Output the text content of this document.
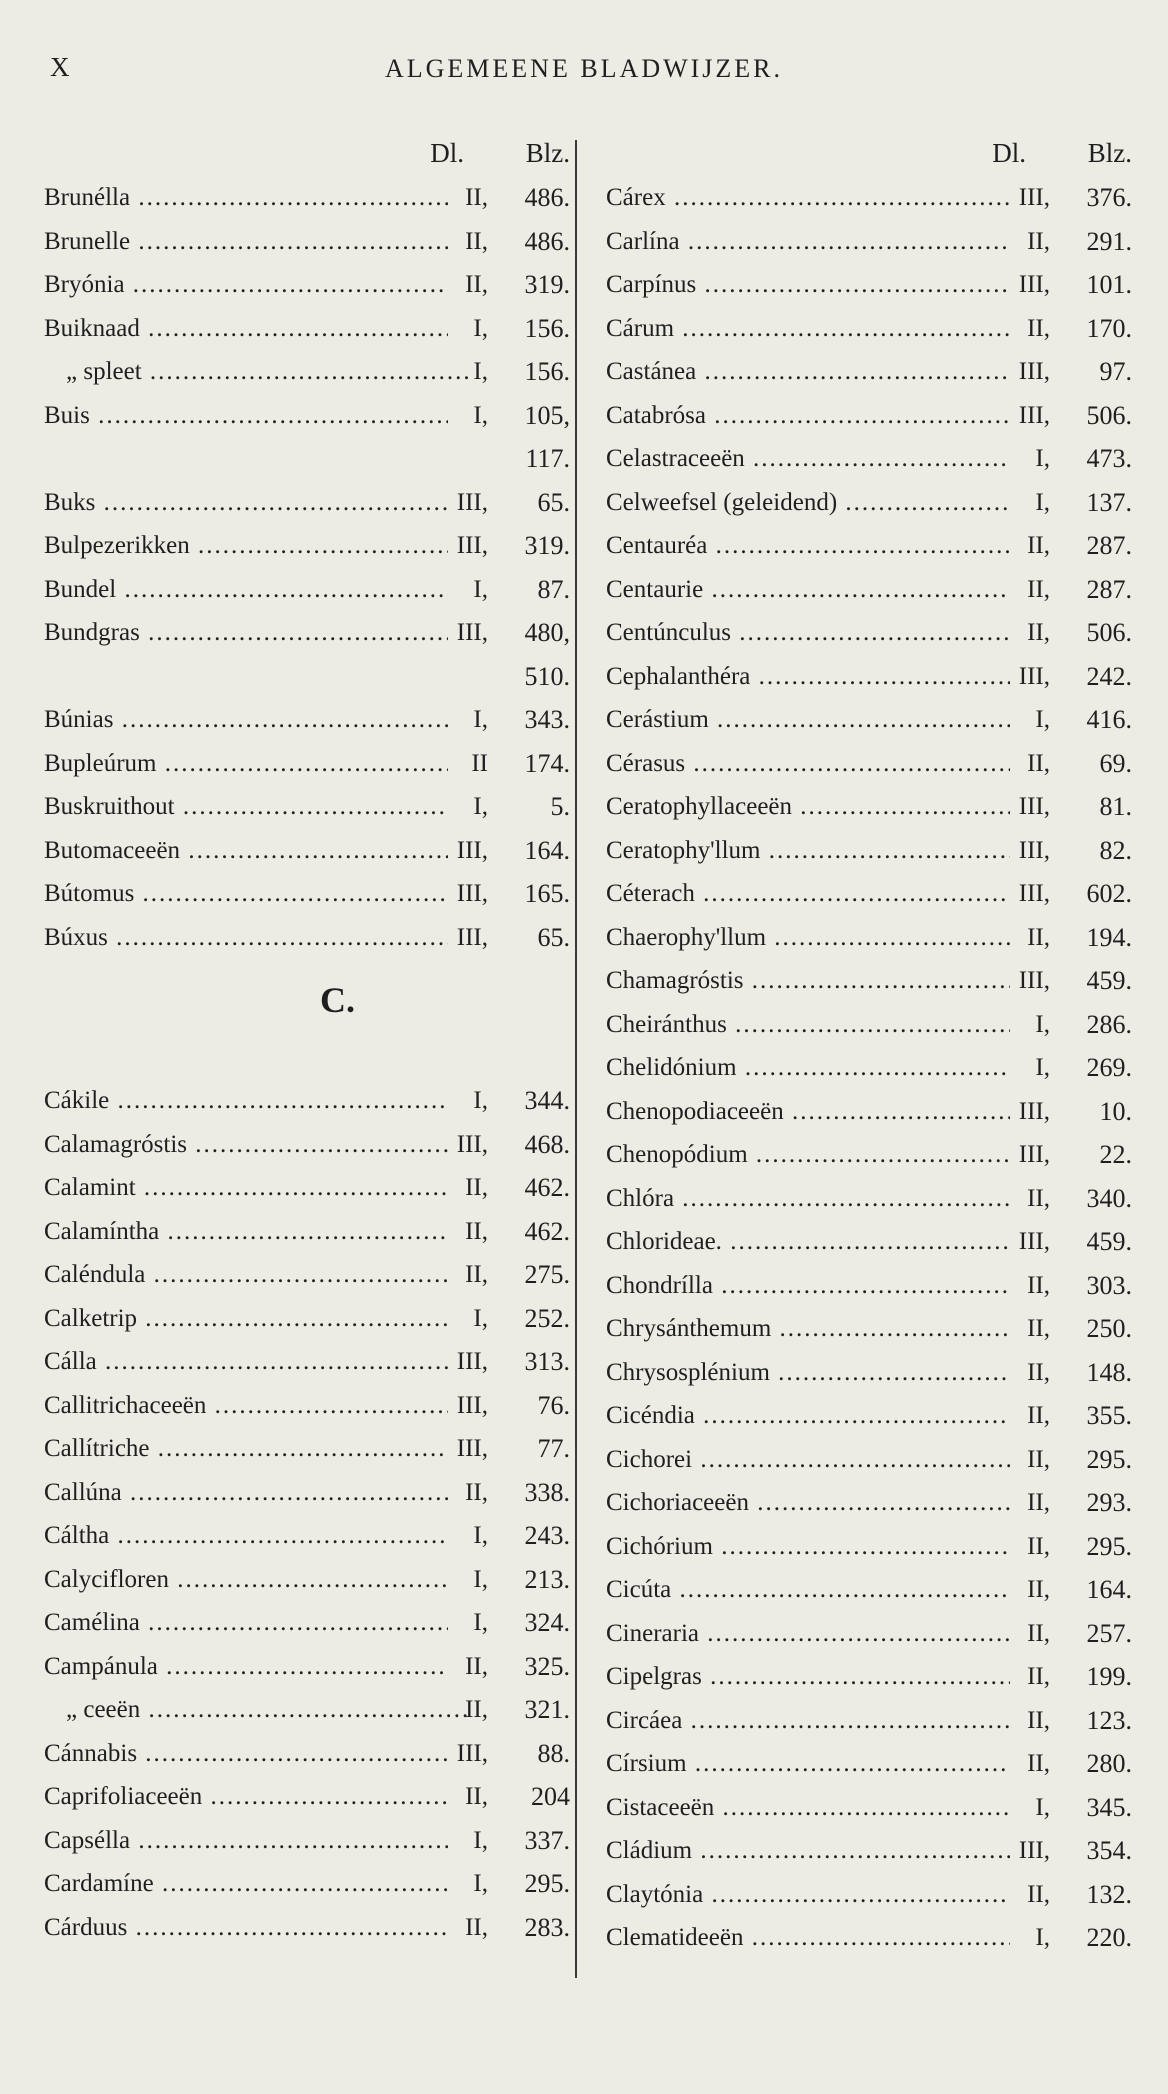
X	ALGEMEENE BLADWIJZER.
Dl. Blz.
Brunélla .....	II,	486.
Brunelle .....	II,	486.
Bryónia .....	II,	319.
Buiknaad .....	I,	156.
„ spleet .....	I,	156.
Buis .....	I,	105,
117.
Buks .....	III,	65.
Bulpezerikken .....	III,	319.
Bundel .....	I,	87.
Bundgras .....	III,	480,
510.
Búnias .....	I,	343.
Bupleúrum .....	II	174.
Buskruithout .....	I,	5.
Butomaceeën .....	III,	164.
Bútomus .....	III,	165.
Búxus .....	III,	65.
C.
Cákile .....	I,	344.
Calamagróstis .....	III,	468.
Calamint .....	II,	462.
Calamíntha .....	II,	462.
Caléndula .....	II,	275.
Calketrip .....	I,	252.
Cálla .....	III,	313.
Callitrichaceeën .....	III,	76.
Callítriche .....	III,	77.
Callúna .....	II,	338.
Cáltha .....	I,	243.
Calycifloren .....	I,	213.
Camélina .....	I,	324.
Campánula .....	II,	325.
„ ceeën .....	II,	321.
Cánnabis .....	III,	88.
Caprifoliaceeën .....	II,	204
Capsélla .....	I,	337.
Cardamíne .....	I,	295.
Cárduus .....	II,	283.
Dl. Blz.
Cárex .....	III,	376.
Carlína .....	II,	291.
Carpínus .....	III,	101.
Cárum .....	II,	170.
Castánea .....	III,	97.
Catabrósa .....	III,	506.
Celastraceeën .....	I,	473.
Celweefsel (geleidend) .....	I,	137.
Centauréa .....	II,	287.
Centaurie .....	II,	287.
Centúnculus .....	II,	506.
Cephalanthéra .....	III,	242.
Cerástium .....	I,	416.
Cérasus .....	II,	69.
Ceratophyllaceeën .....	III,	81.
Ceratophy'llum .....	III,	82.
Céterach .....	III,	602.
Chaerophy'llum .....	II,	194.
Chamagróstis .....	III,	459.
Cheiránthus .....	I,	286.
Chelidónium .....	I,	269.
Chenopodiaceeën .....	III,	10.
Chenopódium .....	III,	22.
Chlóra .....	II,	340.
Chlorideae. .....	III,	459.
Chondrílla .....	II,	303.
Chrysánthemum .....	II,	250.
Chrysosplénium .....	II,	148.
Cicéndia .....	II,	355.
Cichorei .....	II,	295.
Cichoriaceeën .....	II,	293.
Cichórium .....	II,	295.
Cicúta .....	II,	164.
Cineraria .....	II,	257.
Cipelgras .....	II,	199.
Circáea .....	II,	123.
Círsium .....	II,	280.
Cistaceeën .....	I,	345.
Cládium .....	III,	354.
Claytónia .....	II,	132.
Clematideeën .....	I,	220.
